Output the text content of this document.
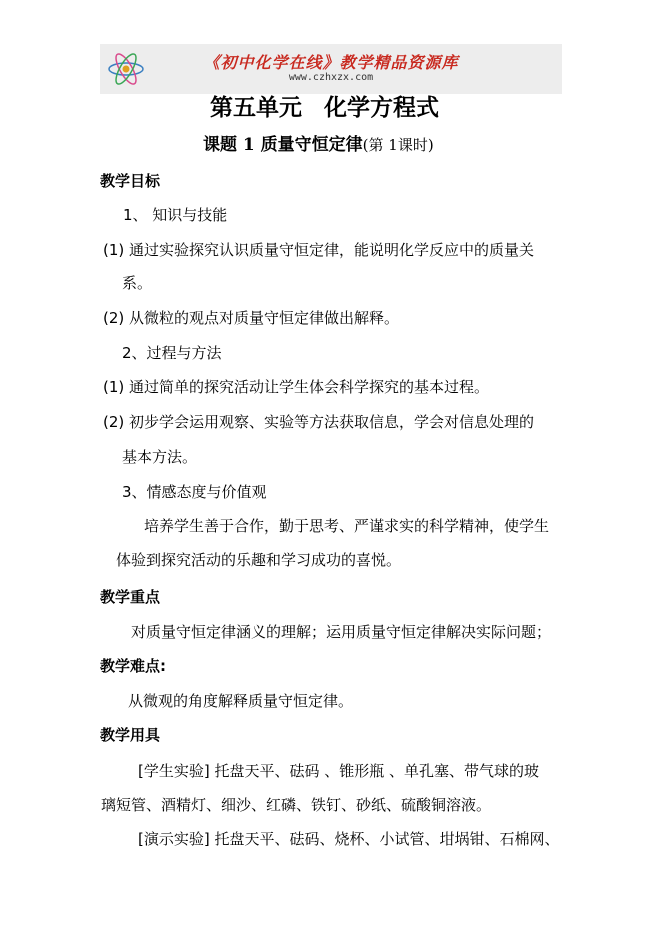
《初中化学在线》教学精品资源库
www.czhxzx.com
第五单元 化学方程式
课题 1 质量守恒定律(第 1课时)
教学目标
1、 知识与技能
(1) 通过实验探究认识质量守恒定律，能说明化学反应中的质量关
系。
(2) 从微粒的观点对质量守恒定律做出解释。
2、过程与方法
(1) 通过简单的探究活动让学生体会科学探究的基本过程。
(2) 初步学会运用观察、实验等方法获取信息，学会对信息处理的
基本方法。
3、情感态度与价值观
培养学生善于合作，勤于思考、严谨求实的科学精神，使学生
体验到探究活动的乐趣和学习成功的喜悦。
教学重点
对质量守恒定律涵义的理解；运用质量守恒定律解决实际问题；
教学难点:
从微观的角度解释质量守恒定律。
教学用具
[学生实验] 托盘天平、砝码 、锥形瓶 、单孔塞、带气球的玻
璃短管、酒精灯、细沙、红磷、铁钉、砂纸、硫酸铜溶液。
[演示实验] 托盘天平、砝码、烧杯、小试管、坩埚钳、石棉网、
